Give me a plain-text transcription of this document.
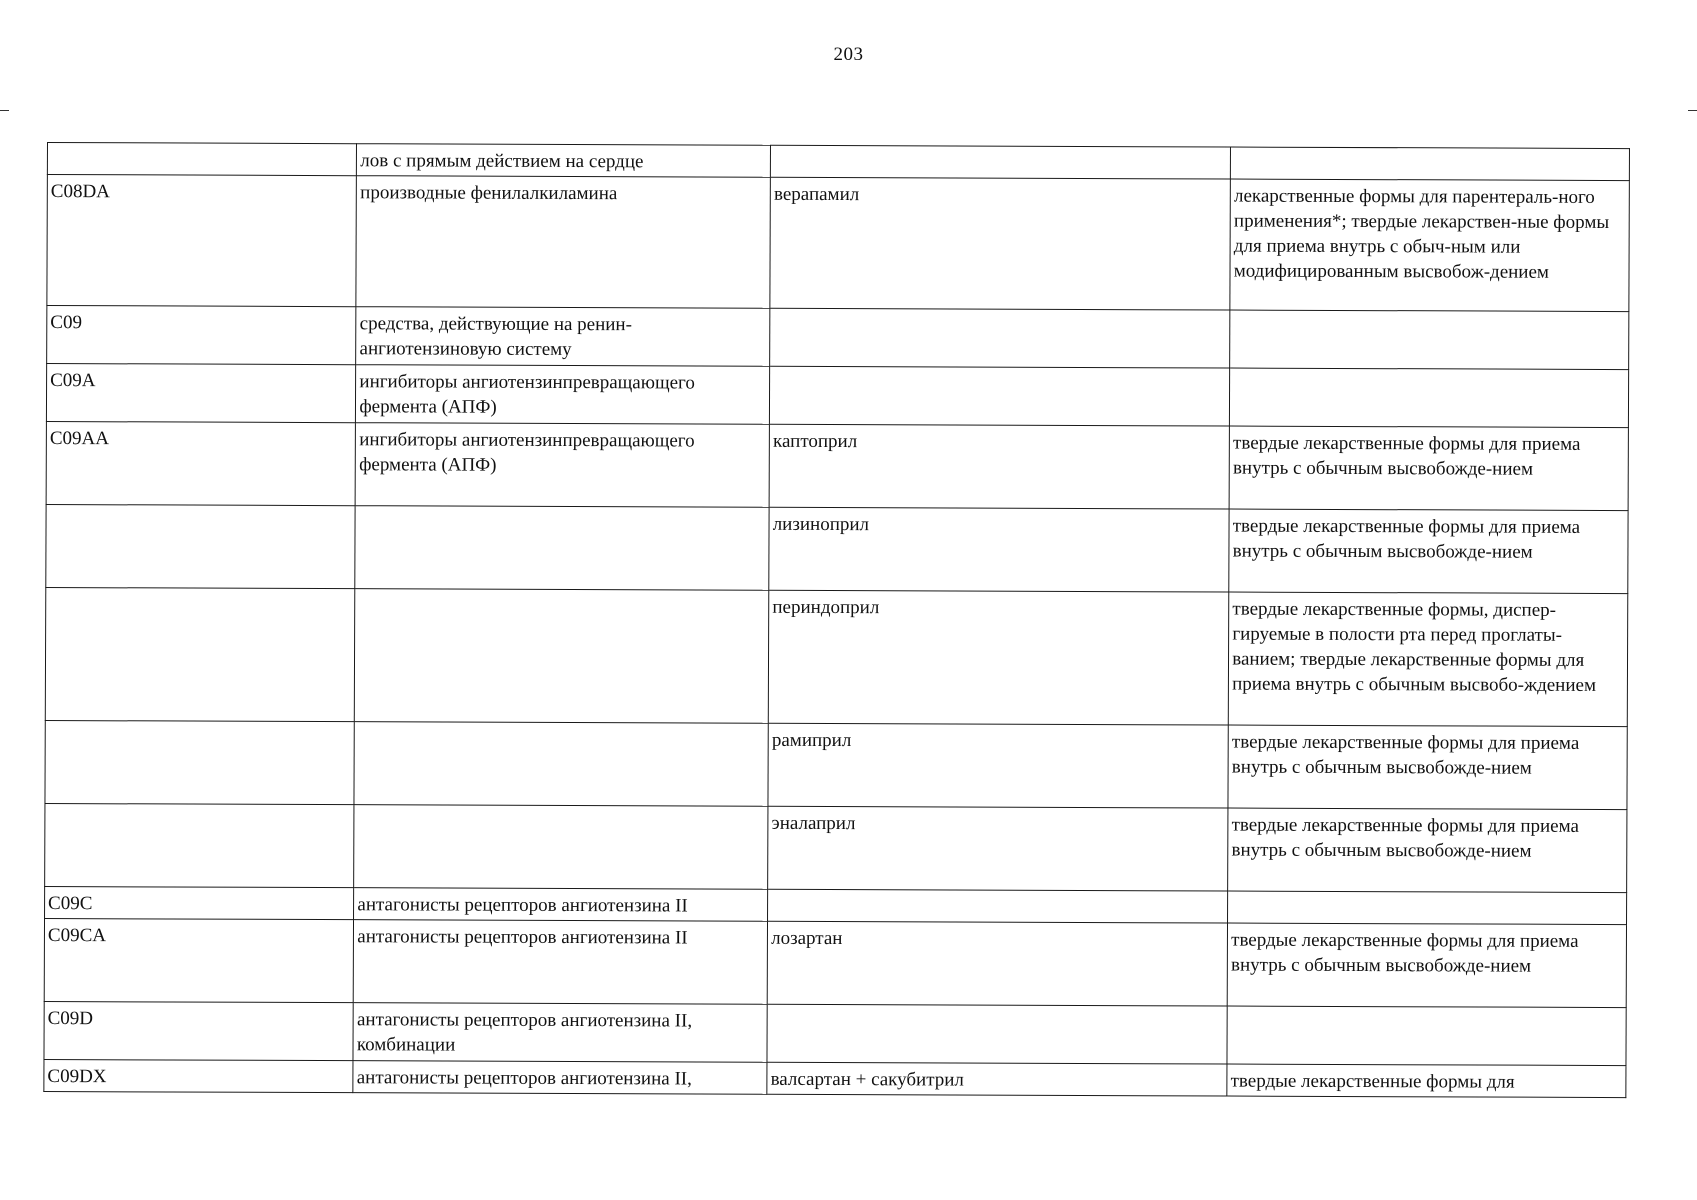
203
	лов с прямым действием на сердце		
C08DA	производные фенилалкиламина	верапамил	лекарственные формы для парентераль-ного применения*; твердые лекарствен-ные формы для приема внутрь с обыч-ным или модифицированным высвобож-дением
C09	средства, действующие на ренин-ангиотензиновую систему		
C09A	ингибиторы ангиотензинпревращающего фермента (АПФ)		
C09AA	ингибиторы ангиотензинпревращающего фермента (АПФ)	каптоприл	твердые лекарственные формы для приема внутрь с обычным высвобожде-нием
		лизиноприл	твердые лекарственные формы для приема внутрь с обычным высвобожде-нием
		периндоприл	твердые лекарственные формы, диспер-гируемые в полости рта перед проглаты-ванием; твердые лекарственные формы для приема внутрь с обычным высвобо-ждением
		рамиприл	твердые лекарственные формы для приема внутрь с обычным высвобожде-нием
		эналаприл	твердые лекарственные формы для приема внутрь с обычным высвобожде-нием
C09C	антагонисты рецепторов ангиотензина II		
C09CA	антагонисты рецепторов ангиотензина II	лозартан	твердые лекарственные формы для приема внутрь с обычным высвобожде-нием
C09D	антагонисты рецепторов ангиотензина II, комбинации		
C09DX	антагонисты рецепторов ангиотензина II,	валсартан + сакубитрил	твердые лекарственные формы для
